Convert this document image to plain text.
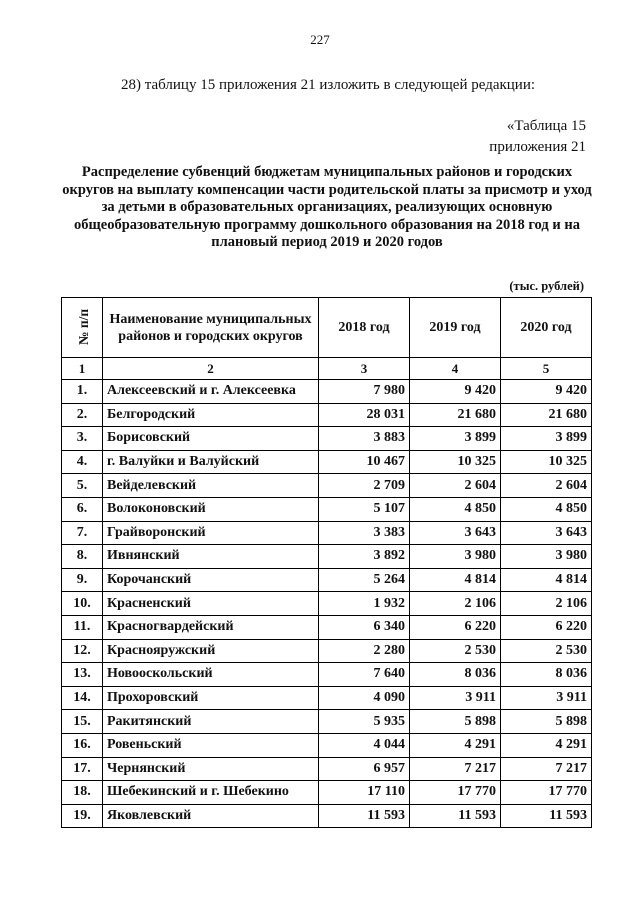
227
28) таблицу 15 приложения 21 изложить в следующей редакции:
«Таблица 15
приложения 21
Распределение субвенций бюджетам муниципальных районов и городских округов на выплату компенсации части родительской платы за присмотр и уход за детьми в образовательных организациях, реализующих основную общеобразовательную программу дошкольного образования на 2018 год и на плановый период 2019 и 2020 годов
(тыс. рублей)
№ п/п	Наименование муниципальных районов и городских округов	2018 год	2019 год	2020 год
1	2	3	4	5
1.	Алексеевский и г. Алексеевка	7 980	9 420	9 420
2.	Белгородский	28 031	21 680	21 680
3.	Борисовский	3 883	3 899	3 899
4.	г. Валуйки и Валуйский	10 467	10 325	10 325
5.	Вейделевский	2 709	2 604	2 604
6.	Волоконовский	5 107	4 850	4 850
7.	Грайворонский	3 383	3 643	3 643
8.	Ивнянский	3 892	3 980	3 980
9.	Корочанский	5 264	4 814	4 814
10.	Красненский	1 932	2 106	2 106
11.	Красногвардейский	6 340	6 220	6 220
12.	Краснояружский	2 280	2 530	2 530
13.	Новооскольский	7 640	8 036	8 036
14.	Прохоровский	4 090	3 911	3 911
15.	Ракитянский	5 935	5 898	5 898
16.	Ровеньский	4 044	4 291	4 291
17.	Чернянский	6 957	7 217	7 217
18.	Шебекинский и г. Шебекино	17 110	17 770	17 770
19.	Яковлевский	11 593	11 593	11 593
